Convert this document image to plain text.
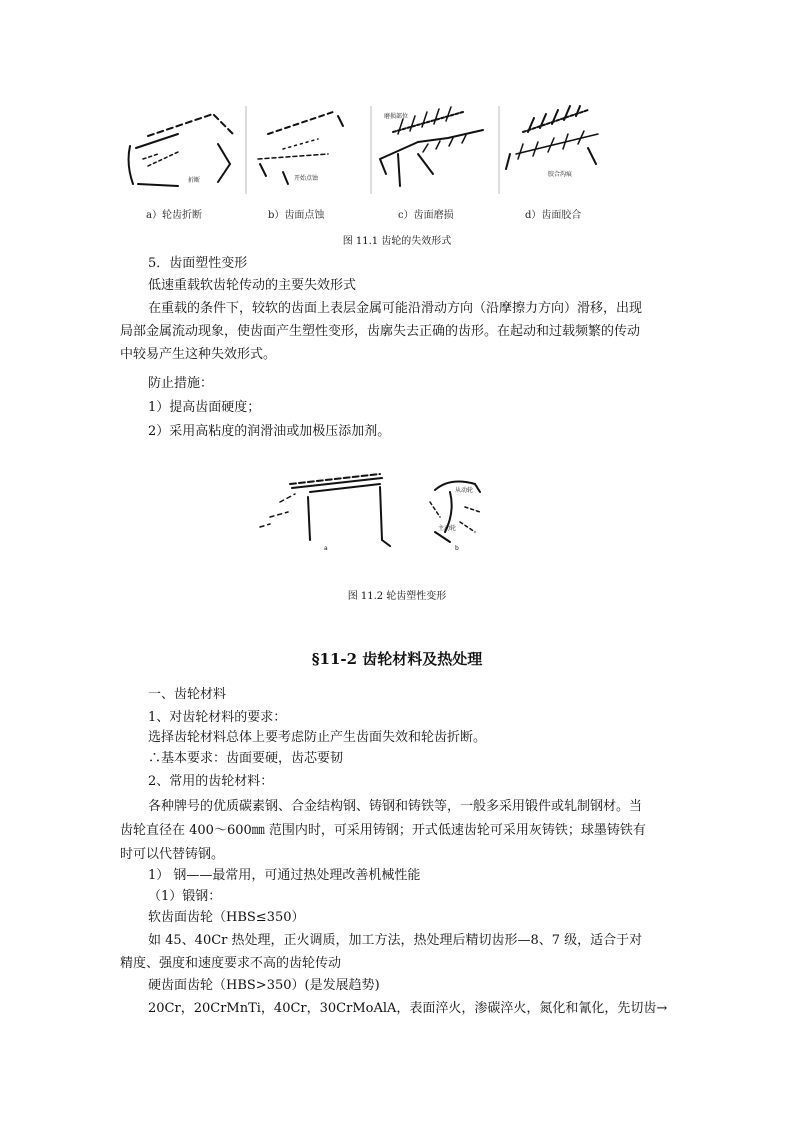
折断	开始点蚀
磨损部位
胶合沟痕
a）轮齿折断	b）齿面点蚀	c）齿面磨损	d）齿面胶合
图 11.1 齿轮的失效形式
5．齿面塑性变形
低速重载软齿轮传动的主要失效形式
在重载的条件下，较软的齿面上表层金属可能沿滑动方向（沿摩擦力方向）滑移，出现
局部金属流动现象，使齿面产生塑性变形，齿廓失去正确的齿形。在起动和过载频繁的传动
中较易产生这种失效形式。
防止措施：
1）提高齿面硬度；
2）采用高粘度的润滑油或加极压添加剂。
a
从动轮
主动轮
b
图 11.2 轮齿塑性变形
§11-2 齿轮材料及热处理
一、齿轮材料
1、对齿轮材料的要求：
选择齿轮材料总体上要考虑防止产生齿面失效和轮齿折断。
∴基本要求：齿面要硬，齿芯要韧
2、常用的齿轮材料：
各种牌号的优质碳素钢、合金结构钢、铸钢和铸铁等，一般多采用锻件或轧制钢材。当
齿轮直径在 400～600㎜ 范围内时，可采用铸钢；开式低速齿轮可采用灰铸铁；球墨铸铁有
时可以代替铸钢。
1） 钢——最常用，可通过热处理改善机械性能
（1）锻钢：
软齿面齿轮（HBS≤350）
如 45、40Cr 热处理，正火调质，加工方法，热处理后精切齿形—8、7 级，适合于对
精度、强度和速度要求不高的齿轮传动
硬齿面齿轮（HBS>350）(是发展趋势)
20Cr，20CrMnTi，40Cr，30CrMoAlA，表面淬火，渗碳淬火，氮化和氰化，先切齿→
